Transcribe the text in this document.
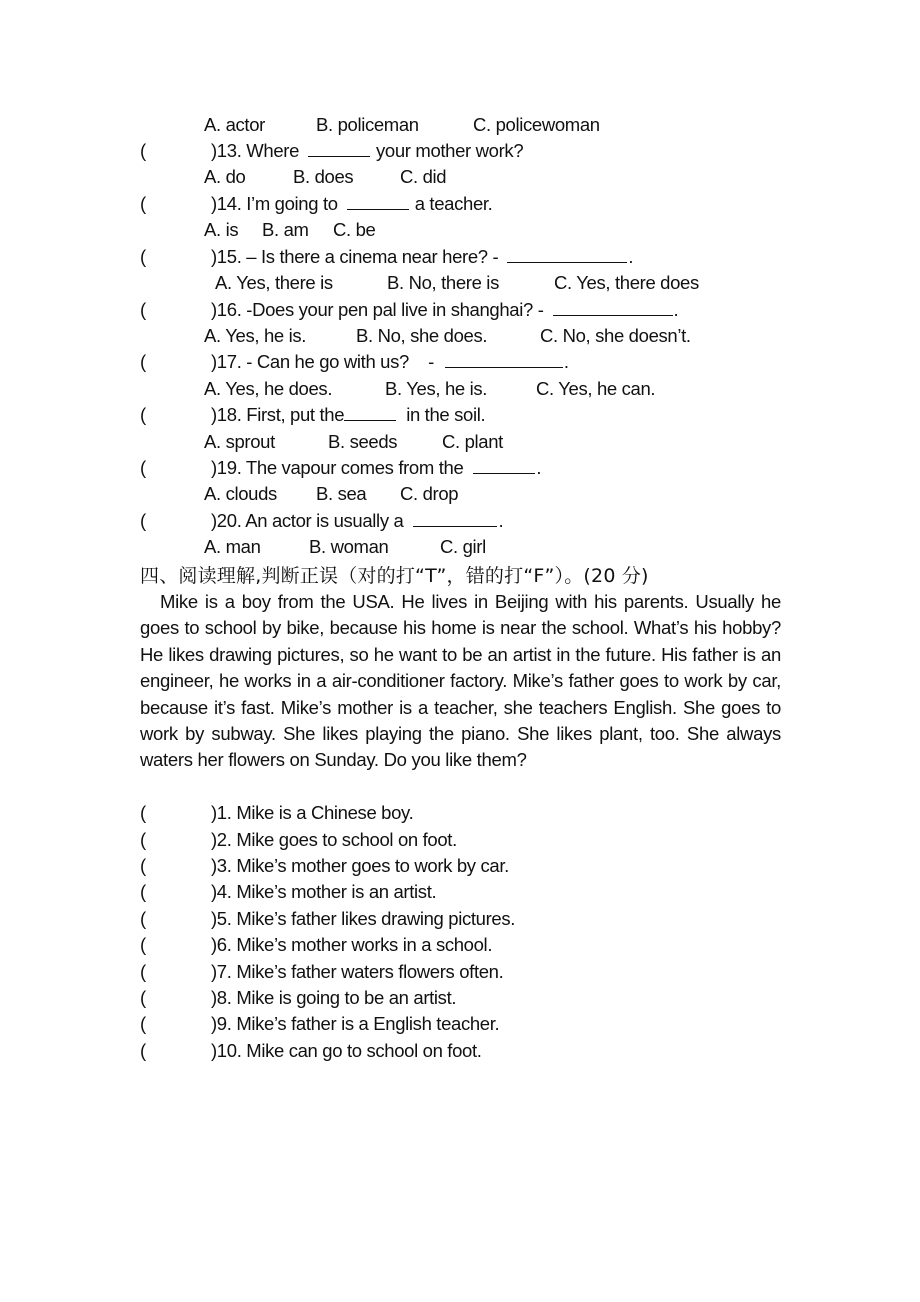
A. actor	B. policeman	C. policewoman
(	)13. Where	your mother work?
A. do	B. does	C. did
(	)14. I’m going to	a teacher.
A. is B. am C. be
(	)15. – Is there a cinema near here? -	.
A. Yes, there is	B. No, there is	C. Yes, there does
(	)16. -Does your pen pal live in shanghai? -	.
A. Yes, he is.	B. No, she does.	C. No, she doesn’t.
(	)17. - Can he go with us?    -	.
A. Yes, he does.	B. Yes, he is.	C. Yes, he can.
(	)18. First, put the	in the soil.
A. sprout	B. seeds C. plant
(	)19. The vapour comes from the	.
A. clouds B. sea C. drop
(	)20. An actor is usually a	.
A. man	B. woman	C. girl
四、阅读理解,判断正误（对的打“T”，错的打“F”）。(20 分)

Mike is a boy from the USA. He lives in Beijing with his parents. Usually he goes to school by bike, because his home is near the school. What’s his hobby? He likes drawing pictures, so he want to be an artist in the future. His father is an engineer, he works in a air-conditioner factory. Mike’s father goes to work by car, because it’s fast. Mike’s mother is a teacher, she teachers English. She goes to work by subway. She likes playing the piano. She likes plant, too. She always waters her flowers on Sunday. Do you like them?

(	)1. Mike is a Chinese boy.
(	)2. Mike goes to school on foot.
(	)3. Mike’s mother goes to work by car.
(	)4. Mike’s mother is an artist.
(	)5. Mike’s father likes drawing pictures.
(	)6. Mike’s mother works in a school.
(	)7. Mike’s father waters flowers often.
(	)8. Mike is going to be an artist.
(	)9. Mike’s father is a English teacher.
(	)10. Mike can go to school on foot.
